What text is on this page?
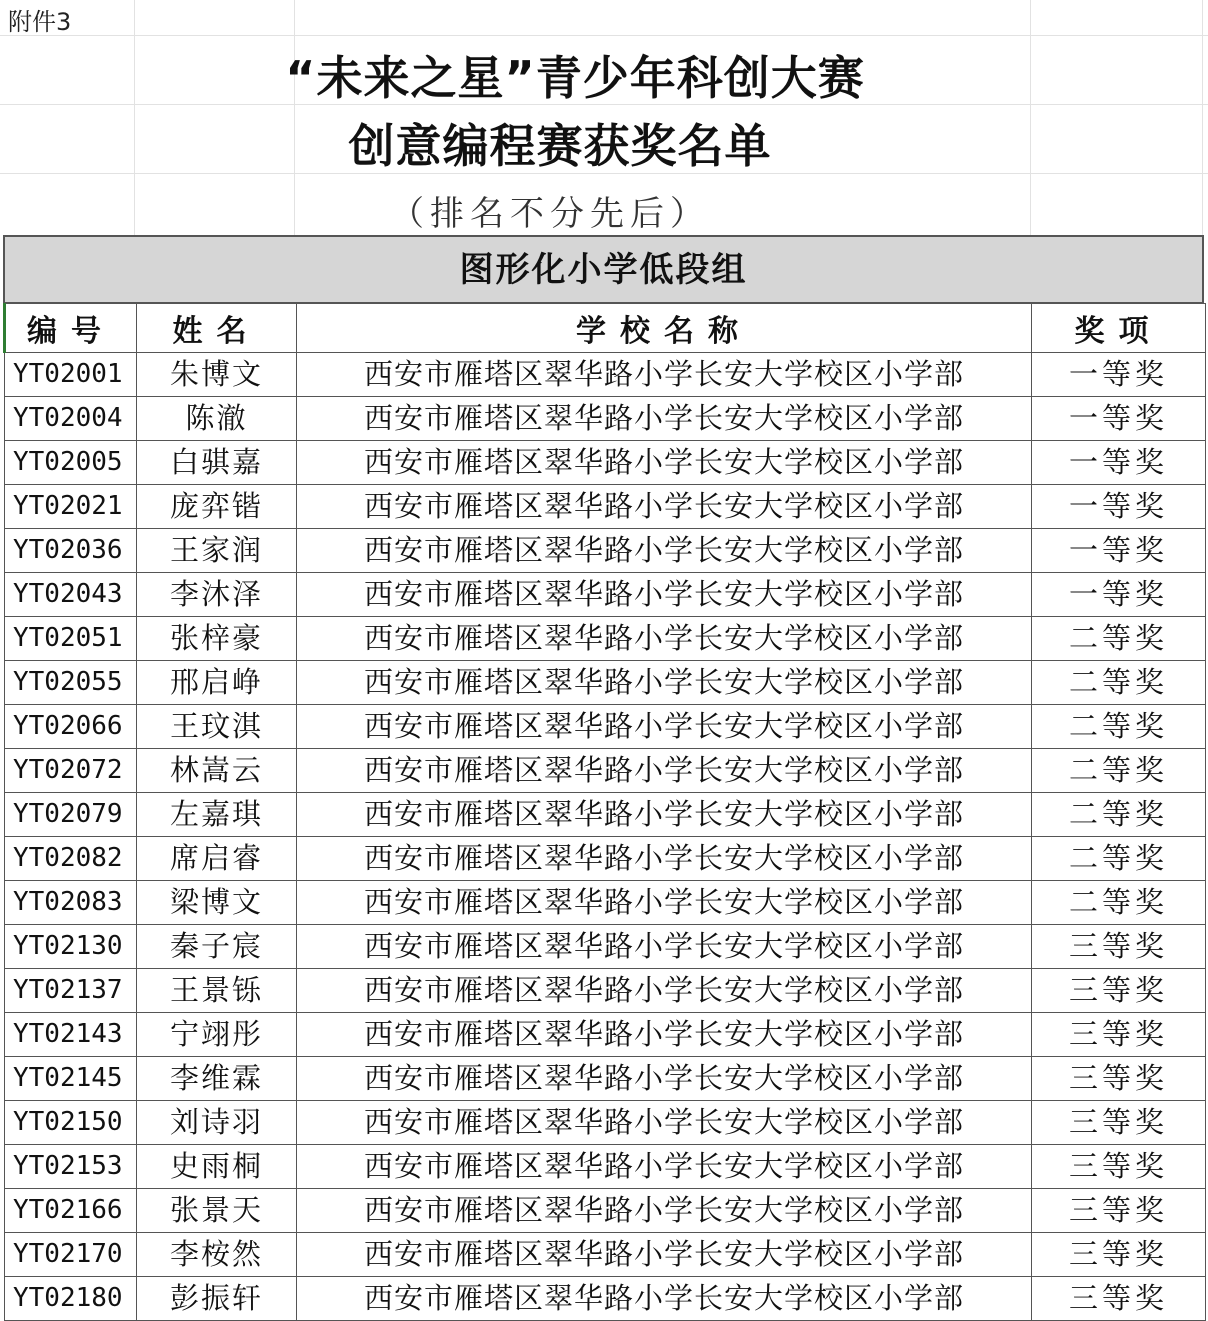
附件3
“未来之星”青少年科创大赛
创意编程赛获奖名单
（排名不分先后）
图形化小学低段组
编号	姓名	学校名称	奖项
YT02001	朱博文	西安市雁塔区翠华路小学长安大学校区小学部	一等奖
YT02004	陈澈	西安市雁塔区翠华路小学长安大学校区小学部	一等奖
YT02005	白骐嘉	西安市雁塔区翠华路小学长安大学校区小学部	一等奖
YT02021	庞弈锴	西安市雁塔区翠华路小学长安大学校区小学部	一等奖
YT02036	王家润	西安市雁塔区翠华路小学长安大学校区小学部	一等奖
YT02043	李沐泽	西安市雁塔区翠华路小学长安大学校区小学部	一等奖
YT02051	张梓豪	西安市雁塔区翠华路小学长安大学校区小学部	二等奖
YT02055	邢启峥	西安市雁塔区翠华路小学长安大学校区小学部	二等奖
YT02066	王玟淇	西安市雁塔区翠华路小学长安大学校区小学部	二等奖
YT02072	林嵩云	西安市雁塔区翠华路小学长安大学校区小学部	二等奖
YT02079	左嘉琪	西安市雁塔区翠华路小学长安大学校区小学部	二等奖
YT02082	席启睿	西安市雁塔区翠华路小学长安大学校区小学部	二等奖
YT02083	梁博文	西安市雁塔区翠华路小学长安大学校区小学部	二等奖
YT02130	秦子宸	西安市雁塔区翠华路小学长安大学校区小学部	三等奖
YT02137	王景铄	西安市雁塔区翠华路小学长安大学校区小学部	三等奖
YT02143	宁翊彤	西安市雁塔区翠华路小学长安大学校区小学部	三等奖
YT02145	李维霖	西安市雁塔区翠华路小学长安大学校区小学部	三等奖
YT02150	刘诗羽	西安市雁塔区翠华路小学长安大学校区小学部	三等奖
YT02153	史雨桐	西安市雁塔区翠华路小学长安大学校区小学部	三等奖
YT02166	张景天	西安市雁塔区翠华路小学长安大学校区小学部	三等奖
YT02170	李桉然	西安市雁塔区翠华路小学长安大学校区小学部	三等奖
YT02180	彭振轩	西安市雁塔区翠华路小学长安大学校区小学部	三等奖
